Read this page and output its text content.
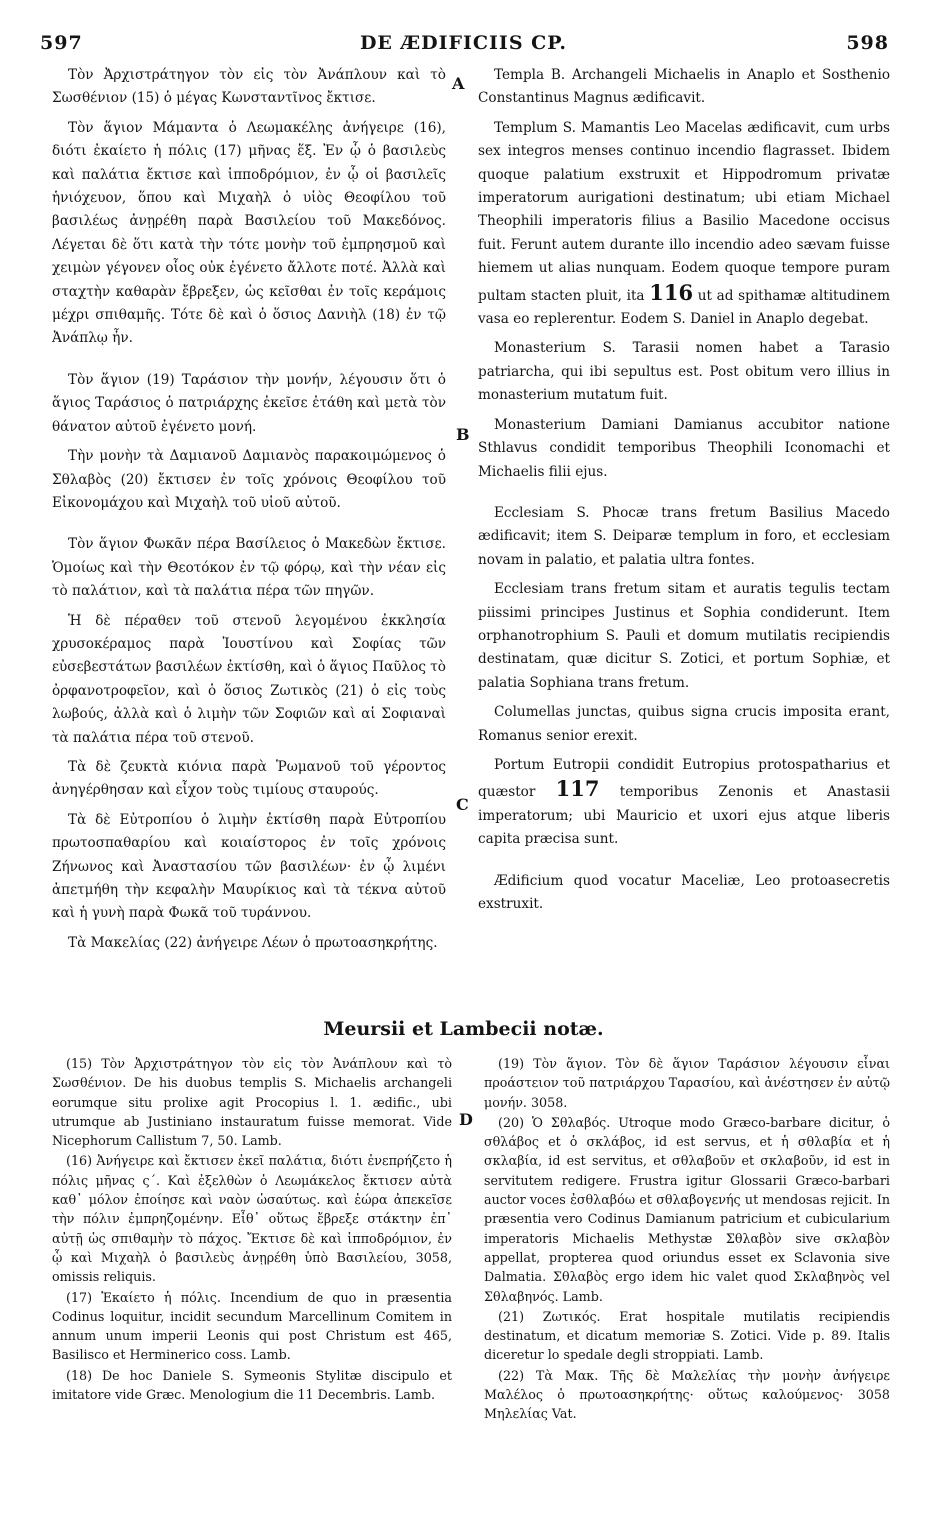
597	DE ÆDIFICIIS CP.	598
A
B
C
D

Τὸν Ἀρχιστράτηγον τὸν εἰς τὸν Ἀνάπλουν καὶ τὸ Σωσθένιον (15) ὁ μέγας Κωνσταντῖνος ἔκτισε.

Τὸν ἅγιον Μάμαντα ὁ Λεωμακέλης ἀνήγειρε (16), διότι ἐκαίετο ἡ πόλις (17) μῆνας ἕξ. Ἐν ᾧ ὁ βασιλεὺς καὶ παλάτια ἔκτισε καὶ ἱπποδρόμιον, ἐν ᾧ οἱ βασιλεῖς ἡνιόχευον, ὅπου καὶ Μιχαὴλ ὁ υἱὸς Θεοφίλου τοῦ βασιλέως ἀνῃρέθη παρὰ Βασιλείου τοῦ Μακεδόνος. Λέγεται δὲ ὅτι κατὰ τὴν τότε μονὴν τοῦ ἐμπρησμοῦ καὶ χειμὼν γέγονεν οἷος οὐκ ἐγένετο ἄλλοτε ποτέ. Ἀλλὰ καὶ σταχτὴν καθαρὰν ἔβρεξεν, ὡς κεῖσθαι ἐν τοῖς κεράμοις μέχρι σπιθαμῆς. Τότε δὲ καὶ ὁ ὅσιος Δανιὴλ (18) ἐν τῷ Ἀνάπλῳ ἦν.

Τὸν ἅγιον (19) Ταράσιον τὴν μονήν, λέγουσιν ὅτι ὁ ἅγιος Ταράσιος ὁ πατριάρχης ἐκεῖσε ἐτάθη καὶ μετὰ τὸν θάνατον αὐτοῦ ἐγένετο μονή.

Τὴν μονὴν τὰ Δαμιανοῦ Δαμιανὸς παρακοιμώμενος ὁ Σθλαβὸς (20) ἔκτισεν ἐν τοῖς χρόνοις Θεοφίλου τοῦ Εἰκονομάχου καὶ Μιχαὴλ τοῦ υἱοῦ αὐτοῦ.

Τὸν ἅγιον Φωκᾶν πέρα Βασίλειος ὁ Μακεδὼν ἔκτισε. Ὁμοίως καὶ τὴν Θεοτόκον ἐν τῷ φόρῳ, καὶ τὴν νέαν εἰς τὸ παλάτιον, καὶ τὰ παλάτια πέρα τῶν πηγῶν.

Ἡ δὲ πέραθεν τοῦ στενοῦ λεγομένου ἐκκλησία χρυσοκέραμος παρὰ Ἰουστίνου καὶ Σοφίας τῶν εὐσεβεστάτων βασιλέων ἐκτίσθη, καὶ ὁ ἅγιος Παῦλος τὸ ὀρφανοτροφεῖον, καὶ ὁ ὅσιος Ζωτικὸς (21) ὁ εἰς τοὺς λωβούς, ἀλλὰ καὶ ὁ λιμὴν τῶν Σοφιῶν καὶ αἱ Σοφιαναὶ τὰ παλάτια πέρα τοῦ στενοῦ.

Τὰ δὲ ζευκτὰ κιόνια παρὰ Ῥωμανοῦ τοῦ γέροντος ἀνηγέρθησαν καὶ εἶχον τοὺς τιμίους σταυρούς.

Τὰ δὲ Εὐτροπίου ὁ λιμὴν ἐκτίσθη παρὰ Εὐτροπίου πρωτοσπαθαρίου καὶ κοιαίστορος ἐν τοῖς χρόνοις Ζήνωνος καὶ Ἀναστασίου τῶν βασιλέων· ἐν ᾧ λιμένι ἀπετμήθη τὴν κεφαλὴν Μαυρίκιος καὶ τὰ τέκνα αὐτοῦ καὶ ἡ γυνὴ παρὰ Φωκᾶ τοῦ τυράννου.

Τὰ Μακελίας (22) ἀνήγειρε Λέων ὁ πρωτοασηκρήτης.

Templa B. Archangeli Michaelis in Anaplo et Sosthenio Constantinus Magnus ædificavit.

Templum S. Mamantis Leo Macelas ædificavit, cum urbs sex integros menses continuo incendio flagrasset. Ibidem quoque palatium exstruxit et Hippodromum privatæ imperatorum aurigationi destinatum; ubi etiam Michael Theophili imperatoris filius a Basilio Macedone occisus fuit. Ferunt autem durante illo incendio adeo sævam fuisse hiemem ut alias nunquam. Eodem quoque tempore puram pultam stacten pluit, ita 116 ut ad spithamæ altitudinem vasa eo replerentur. Eodem S. Daniel in Anaplo degebat.

Monasterium S. Tarasii nomen habet a Tarasio patriarcha, qui ibi sepultus est. Post obitum vero illius in monasterium mutatum fuit.

Monasterium Damiani Damianus accubitor natione Sthlavus condidit temporibus Theophili Iconomachi et Michaelis filii ejus.

Ecclesiam S. Phocæ trans fretum Basilius Macedo ædificavit; item S. Deiparæ templum in foro, et ecclesiam novam in palatio, et palatia ultra fontes.

Ecclesiam trans fretum sitam et auratis tegulis tectam piissimi principes Justinus et Sophia condiderunt. Item orphanotrophium S. Pauli et domum mutilatis recipiendis destinatam, quæ dicitur S. Zotici, et portum Sophiæ, et palatia Sophiana trans fretum.

Columellas junctas, quibus signa crucis imposita erant, Romanus senior erexit.

Portum Eutropii condidit Eutropius protospatharius et quæstor 117 temporibus Zenonis et Anastasii imperatorum; ubi Mauricio et uxori ejus atque liberis capita præcisa sunt.

Ædificium quod vocatur Maceliæ, Leo protoasecretis exstruxit.

Meursii et Lambecii notæ.

(15) Τὸν Ἀρχιστράτηγον τὸν εἰς τὸν Ἀνάπλουν καὶ τὸ Σωσθένιον. De his duobus templis S. Michaelis archangeli eorumque situ prolixe agit Procopius l. 1. ædific., ubi utrumque ab Justiniano instauratum fuisse memorat. Vide Nicephorum Callistum 7, 50. Lamb.

(16) Ἀνήγειρε καὶ ἔκτισεν ἐκεῖ παλάτια, διότι ἐνεπρήζετο ἡ πόλις μῆνας ς΄. Καὶ ἐξελθὼν ὁ Λεωμάκελος ἔκτισεν αὐτὰ καθ᾽ μόλον ἐποίησε καὶ ναὸν ὡσαύτως. καὶ ἑώρα ἀπεκεῖσε τὴν πόλιν ἐμπρηζομένην. Εἶθ᾽ οὕτως ἔβρεξε στάκτην ἐπ᾽ αὐτῇ ὡς σπιθαμὴν τὸ πάχος. Ἔκτισε δὲ καὶ ἱπποδρόμιον, ἐν ᾧ καὶ Μιχαὴλ ὁ βασιλεὺς ἀνῃρέθη ὑπὸ Βασιλείου, 3058, omissis reliquis.

(17) Ἐκαίετο ἡ πόλις. Incendium de quo in præsentia Codinus loquitur, incidit secundum Marcellinum Comitem in annum unum imperii Leonis qui post Christum est 465, Basilisco et Herminerico coss. Lamb.

(18) De hoc Daniele S. Symeonis Stylitæ discipulo et imitatore vide Græc. Menologium die 11 Decembris. Lamb.

(19) Τὸν ἅγιον. Τὸν δὲ ἅγιον Ταράσιον λέγουσιν εἶναι προάστειον τοῦ πατριάρχου Ταρασίου, καὶ ἀνέστησεν ἐν αὐτῷ μονήν. 3058.

(20) Ὁ Σθλαβός. Utroque modo Græco-barbare dicitur, ὁ σθλάβος et ὁ σκλάβος, id est servus, et ἡ σθλαβία et ἡ σκλαβία, id est servitus, et σθλαβοῦν et σκλαβοῦν, id est in servitutem redigere. Frustra igitur Glossarii Græco-barbari auctor voces ἐσθλαβόω et σθλαβογενής ut mendosas rejicit. In præsentia vero Codinus Damianum patricium et cubicularium imperatoris Michaelis Methystæ Σθλαβὸν sive σκλαβὸν appellat, propterea quod oriundus esset ex Sclavonia sive Dalmatia. Σθλαβὸς ergo idem hic valet quod Σκλαβηνὸς vel Σθλαβηνός. Lamb.

(21) Ζωτικός. Erat hospitale mutilatis recipiendis destinatum, et dicatum memoriæ S. Zotici. Vide p. 89. Italis diceretur lo spedale degli stroppiati. Lamb.

(22) Τὰ Μακ. Τῆς δὲ Μαλελίας τὴν μονὴν ἀνήγειρε Μαλέλος ὁ πρωτοασηκρήτης· οὕτως καλούμενος· 3058 Μηλελίας Vat.
